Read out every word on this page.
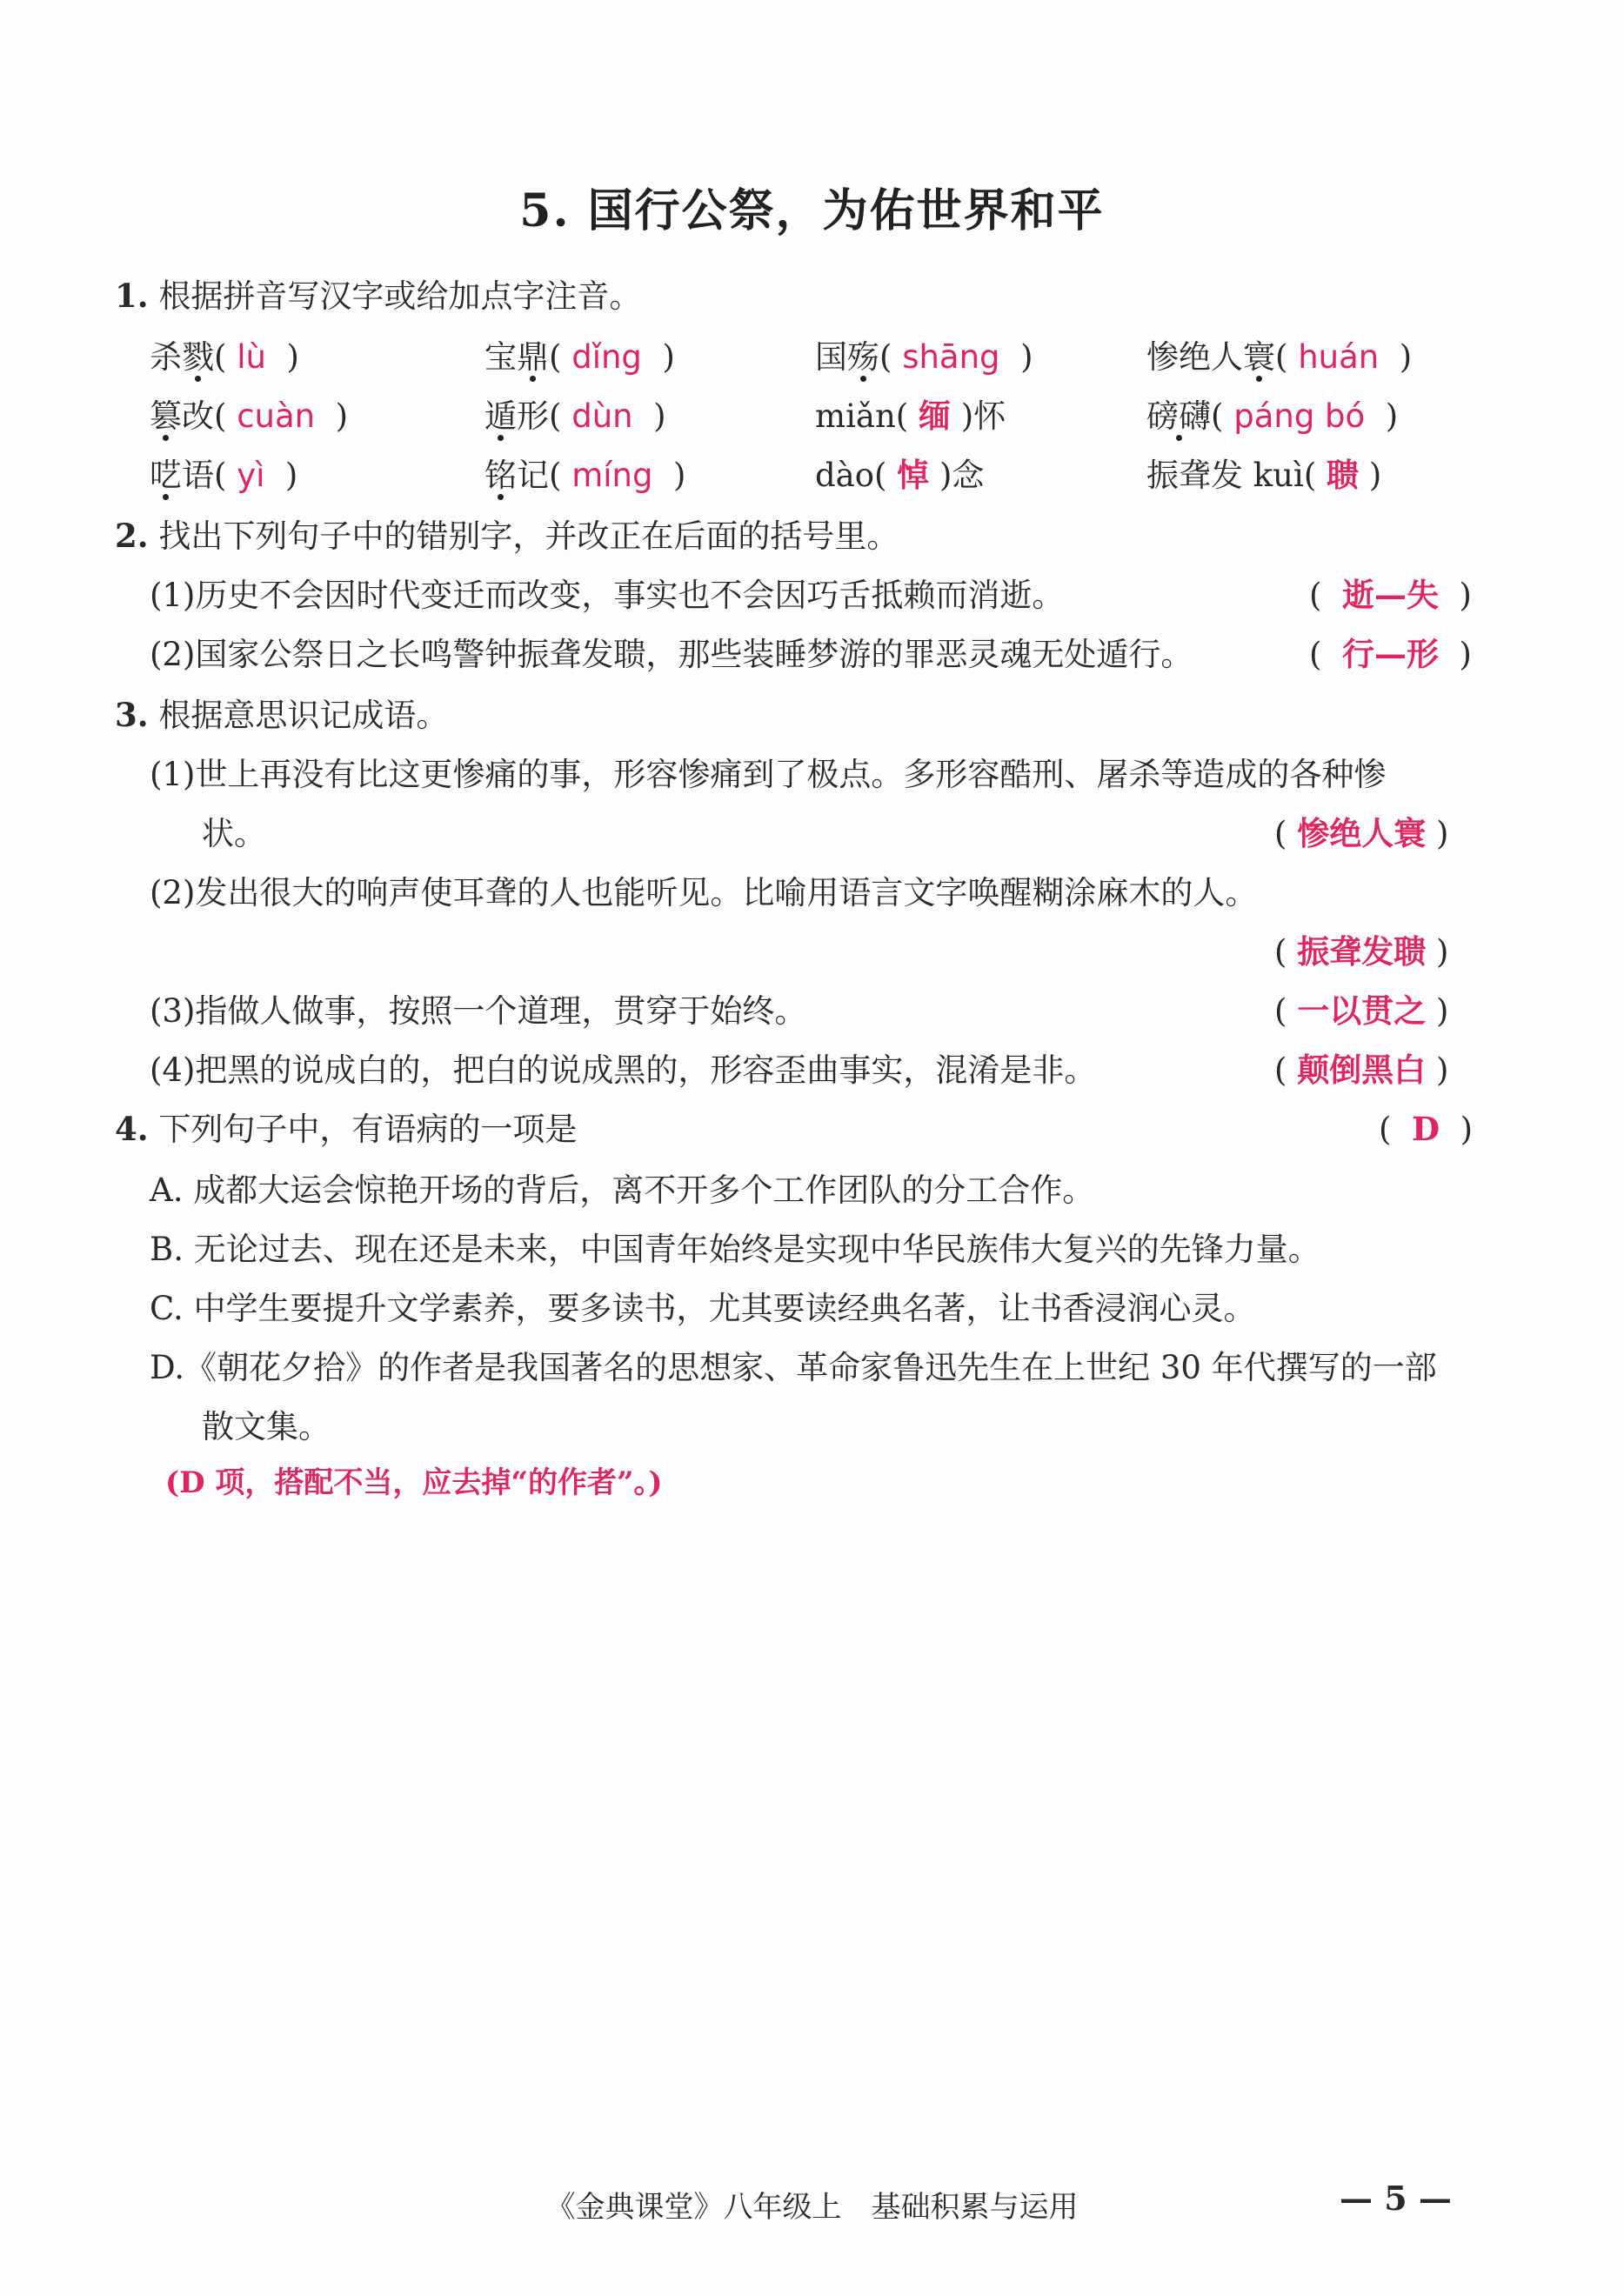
5. 国行公祭，为佑世界和平
1. 根据拼音写汉字或给加点字注音。
杀戮( lù )	宝鼎( dǐng )	国殇( shāng )	惨绝人寰( huán )
篡改( cuàn )	遁形( dùn )	miǎn( 缅 )怀	磅礴( páng bó )
呓语( yì )	铭记( míng )	dào( 悼 )念	振聋发 kuì( 聩 )
2. 找出下列句子中的错别字，并改正在后面的括号里。
(1)历史不会因时代变迁而改变，事实也不会因巧舌抵赖而消逝。	(  逝—失  )
(2)国家公祭日之长鸣警钟振聋发聩，那些装睡梦游的罪恶灵魂无处遁行。	(  行—形  )
3. 根据意思识记成语。
(1)世上再没有比这更惨痛的事，形容惨痛到了极点。多形容酷刑、屠杀等造成的各种惨
状。	( 惨绝人寰 )
(2)发出很大的响声使耳聋的人也能听见。比喻用语言文字唤醒糊涂麻木的人。
( 振聋发聩 )
(3)指做人做事，按照一个道理，贯穿于始终。	( 一以贯之 )
(4)把黑的说成白的，把白的说成黑的，形容歪曲事实，混淆是非。	( 颠倒黑白 )
4. 下列句子中，有语病的一项是	(  D  )
A. 成都大运会惊艳开场的背后，离不开多个工作团队的分工合作。
B. 无论过去、现在还是未来，中国青年始终是实现中华民族伟大复兴的先锋力量。
C. 中学生要提升文学素养，要多读书，尤其要读经典名著，让书香浸润心灵。
D.《朝花夕拾》的作者是我国著名的思想家、革命家鲁迅先生在上世纪 30 年代撰写的一部
散文集。
(D 项，搭配不当，应去掉“的作者”。)
《金典课堂》八年级上　基础积累与运用	— 5 —
